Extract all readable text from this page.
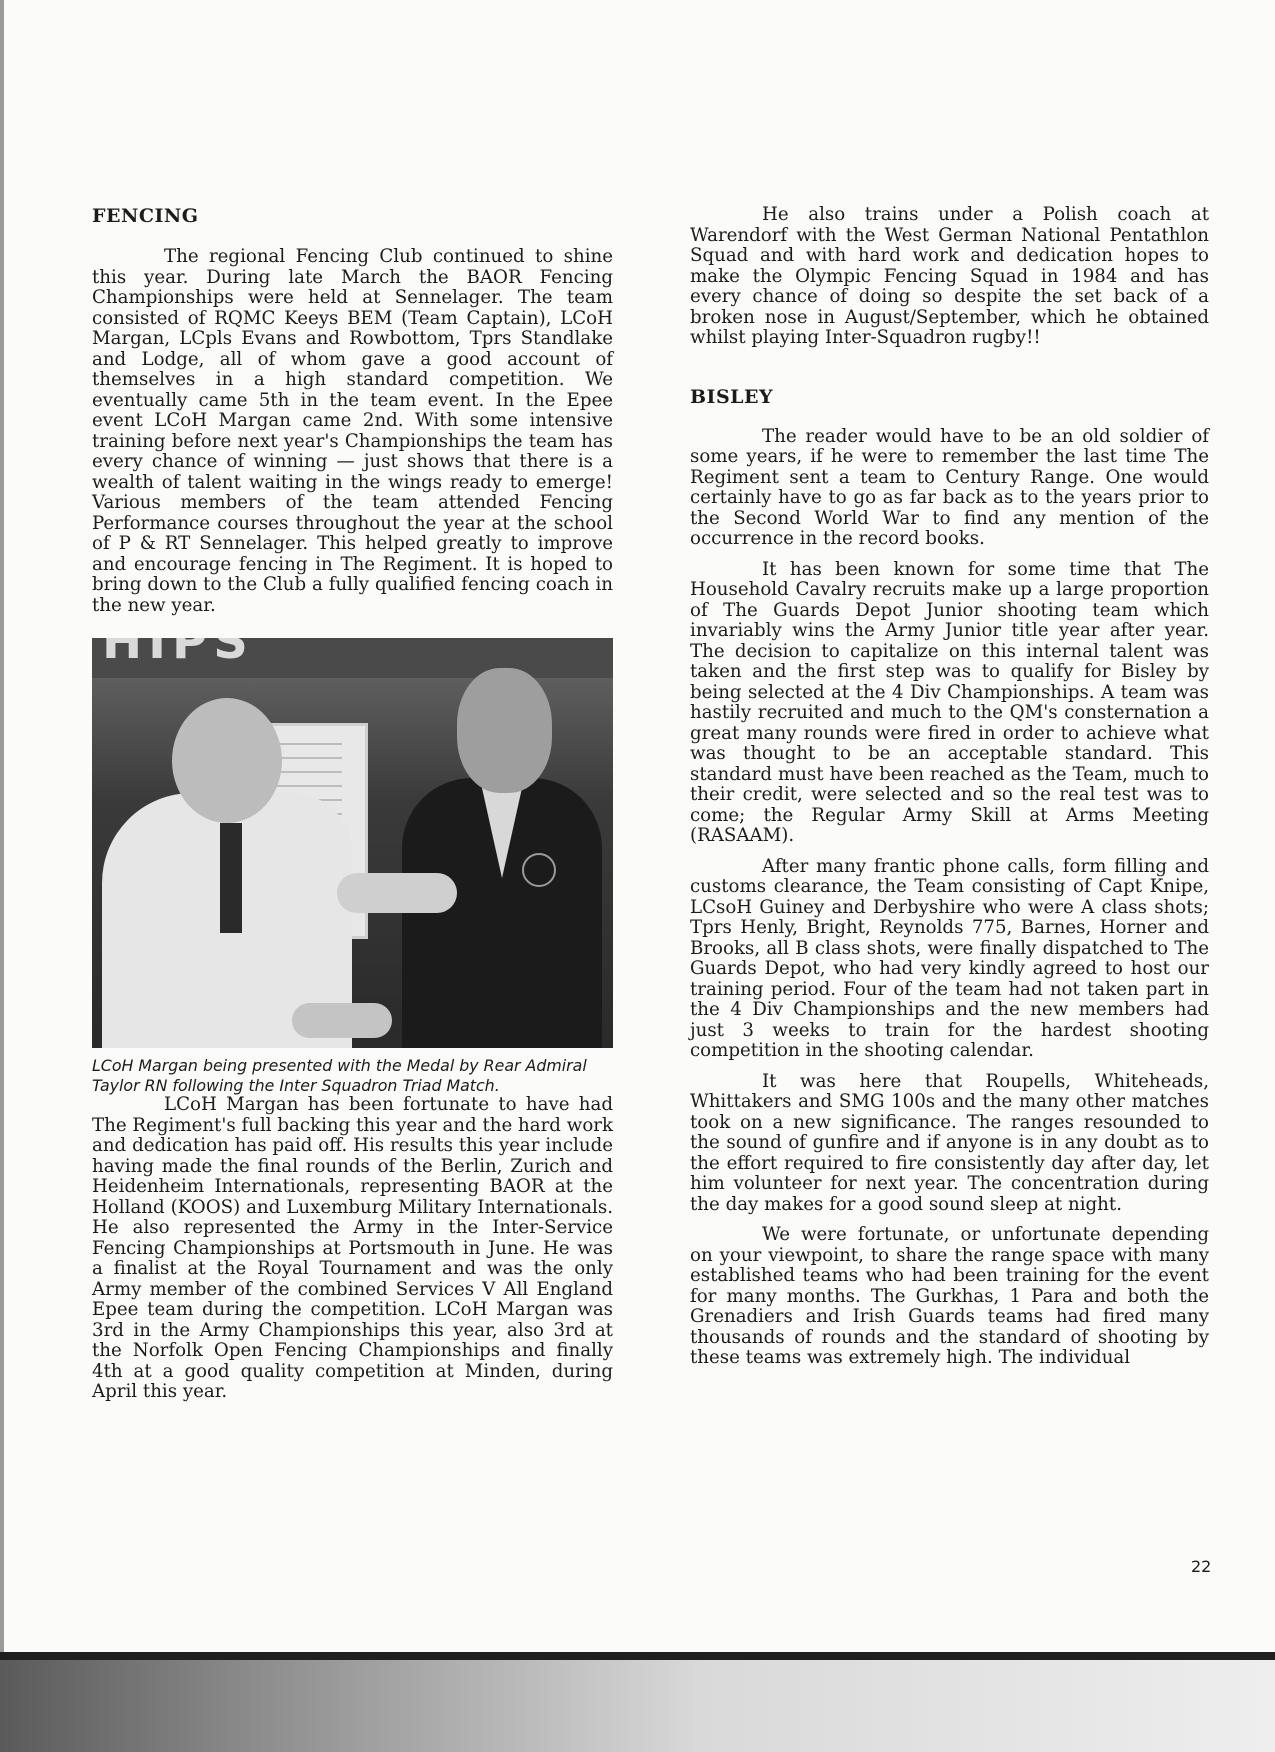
FENCING

The regional Fencing Club continued to shine this year. During late March the BAOR Fencing Championships were held at Sennelager. The team consisted of RQMC Keeys BEM (Team Captain), LCoH Margan, LCpls Evans and Rowbottom, Tprs Standlake and Lodge, all of whom gave a good account of themselves in a high standard competition. We eventually came 5th in the team event. In the Epee event LCoH Margan came 2nd. With some intensive training before next year's Championships the team has every chance of winning — just shows that there is a wealth of talent waiting in the wings ready to emerge! Various members of the team attended Fencing Performance courses throughout the year at the school of P & RT Sennelager. This helped greatly to improve and encourage fencing in The Regiment. It is hoped to bring down to the Club a fully qualified fencing coach in the new year.

LCoH Margan being presented with the Medal by Rear Admiral Taylor RN following the Inter Squadron Triad Match.

LCoH Margan has been fortunate to have had The Regiment's full backing this year and the hard work and dedication has paid off. His results this year include having made the final rounds of the Berlin, Zurich and Heidenheim Internationals, representing BAOR at the Holland (KOOS) and Luxemburg Military Internationals. He also represented the Army in the Inter-Service Fencing Championships at Portsmouth in June. He was a finalist at the Royal Tournament and was the only Army member of the combined Services V All England Epee team during the competition. LCoH Margan was 3rd in the Army Championships this year, also 3rd at the Norfolk Open Fencing Championships and finally 4th at a good quality competition at Minden, during April this year.

He also trains under a Polish coach at Warendorf with the West German National Pentathlon Squad and with hard work and dedication hopes to make the Olympic Fencing Squad in 1984 and has every chance of doing so despite the set back of a broken nose in August/September, which he obtained whilst playing Inter-Squadron rugby!!

BISLEY

The reader would have to be an old soldier of some years, if he were to remember the last time The Regiment sent a team to Century Range. One would certainly have to go as far back as to the years prior to the Second World War to find any mention of the occurrence in the record books.

It has been known for some time that The Household Cavalry recruits make up a large proportion of The Guards Depot Junior shooting team which invariably wins the Army Junior title year after year. The decision to capitalize on this internal talent was taken and the first step was to qualify for Bisley by being selected at the 4 Div Championships. A team was hastily recruited and much to the QM's consternation a great many rounds were fired in order to achieve what was thought to be an acceptable standard. This standard must have been reached as the Team, much to their credit, were selected and so the real test was to come; the Regular Army Skill at Arms Meeting (RASAAM).

After many frantic phone calls, form filling and customs clearance, the Team consisting of Capt Knipe, LCsoH Guiney and Derbyshire who were A class shots; Tprs Henly, Bright, Reynolds 775, Barnes, Horner and Brooks, all B class shots, were finally dispatched to The Guards Depot, who had very kindly agreed to host our training period. Four of the team had not taken part in the 4 Div Championships and the new members had just 3 weeks to train for the hardest shooting competition in the shooting calendar.

It was here that Roupells, Whiteheads, Whittakers and SMG 100s and the many other matches took on a new significance. The ranges resounded to the sound of gunfire and if anyone is in any doubt as to the effort required to fire consistently day after day, let him volunteer for next year. The concentration during the day makes for a good sound sleep at night.

We were fortunate, or unfortunate depending on your viewpoint, to share the range space with many established teams who had been training for the event for many months. The Gurkhas, 1 Para and both the Grenadiers and Irish Guards teams had fired many thousands of rounds and the standard of shooting by these teams was extremely high. The individual

22
